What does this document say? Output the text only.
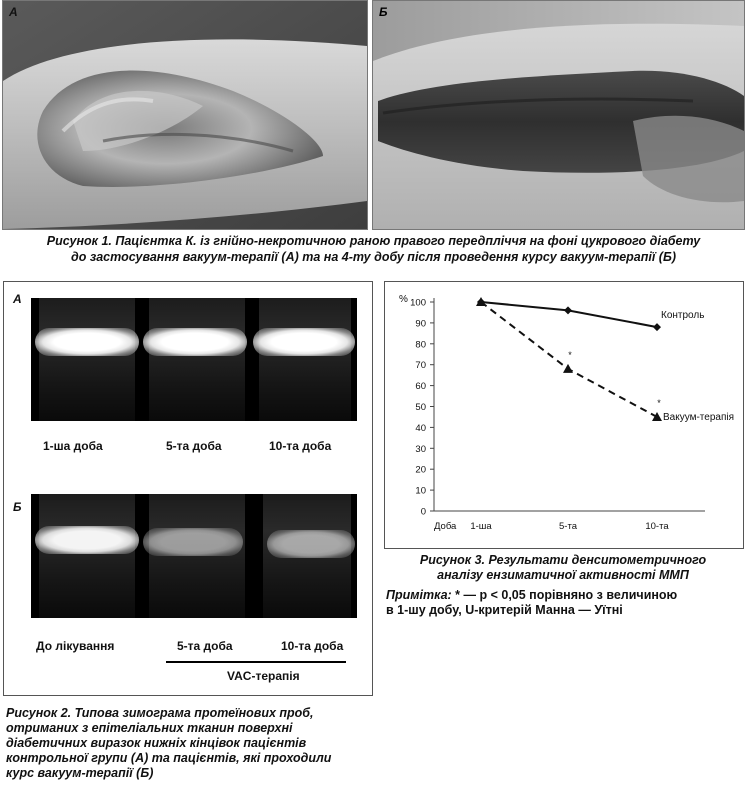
А	Б
Рисунок 1. Пацієнтка К. із гнійно-некротичною раною правого передпліччя на фоні цукрового діабету
до застосування вакуум-терапії (А) та на 4-ту добу після проведення курсу вакуум-терапії (Б)
А
1-ша доба	5-та доба	10-та доба
Б
До лікування	5-та доба	10-та доба
VAC-терапія
Рисунок 2. Типова зимограма протеїнових проб,
отриманих з епітеліальних тканин поверхні
діабетичних виразок нижніх кінцівок пацієнтів
контрольної групи (А) та пацієнтів, які проходили
курс вакуум-терапії (Б)
0
10
20
30
40
50
60
70
80
90
100
%
Доба 1-ша	5-та	10-та
Контроль
*
*
Вакуум-терапія
Рисунок 3. Результати денситометричного
аналізу ензиматичної активності ММП
Примітка: * — p < 0,05 порівняно з величиною
в 1-шу добу, U-критерій Манна — Уїтні
